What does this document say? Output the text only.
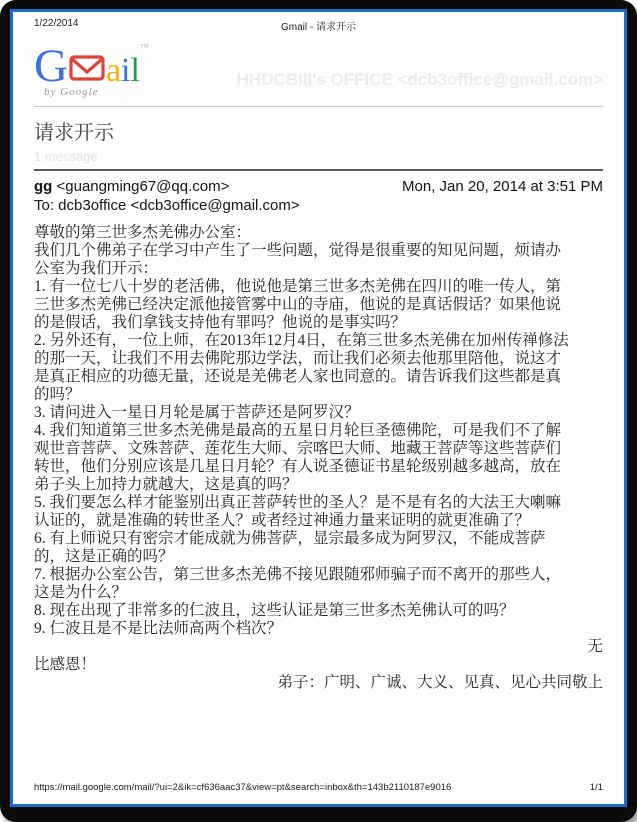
1/22/2014	Gmail - 请求开示
G ail™
by Google
HHDCBIII's OFFICE <dcb3office@gmail.com>
请求开示
1 message
gg <guangming67@qq.com>	Mon, Jan 20, 2014 at 3:51 PM
To: dcb3office <dcb3office@gmail.com>
尊敬的第三世多杰羌佛办公室：
我们几个佛弟子在学习中产生了一些问题，觉得是很重要的知见问题，烦请办
公室为我们开示：
1. 有一位七八十岁的老活佛，他说他是第三世多杰羌佛在四川的唯一传人，第
三世多杰羌佛已经决定派他接管雾中山的寺庙，他说的是真话假话？如果他说
的是假话，我们拿钱支持他有罪吗？他说的是事实吗？
2. 另外还有，一位上师，在2013年12月4日，在第三世多杰羌佛在加州传禅修法
的那一天，让我们不用去佛陀那边学法，而让我们必须去他那里陪他，说这才
是真正相应的功德无量，还说是羌佛老人家也同意的。请告诉我们这些都是真
的吗？
3. 请问进入一星日月轮是属于菩萨还是阿罗汉？
4. 我们知道第三世多杰羌佛是最高的五星日月轮巨圣德佛陀，可是我们不了解
观世音菩萨、文殊菩萨、莲花生大师、宗喀巴大师、地藏王菩萨等这些菩萨们
转世，他们分别应该是几星日月轮？有人说圣德证书星轮级别越多越高，放在
弟子头上加持力就越大，这是真的吗？
5. 我们要怎么样才能鉴别出真正菩萨转世的圣人？是不是有名的大法王大喇嘛
认证的，就是准确的转世圣人？或者经过神通力量来证明的就更准确了？
6. 有上师说只有密宗才能成就为佛菩萨，显宗最多成为阿罗汉，不能成菩萨
的，这是正确的吗？
7. 根据办公室公告，第三世多杰羌佛不接见跟随邪师骗子而不离开的那些人，
这是为什么？
8. 现在出现了非常多的仁波且，这些认证是第三世多杰羌佛认可的吗？
9. 仁波且是不是比法师高两个档次？
无
比感恩！
弟子：广明、广诚、大义、见真、见心共同敬上
https://mail.google.com/mail/?ui=2&ik=cf636aac37&view=pt&search=inbox&th=143b2110187e9016	1/1
